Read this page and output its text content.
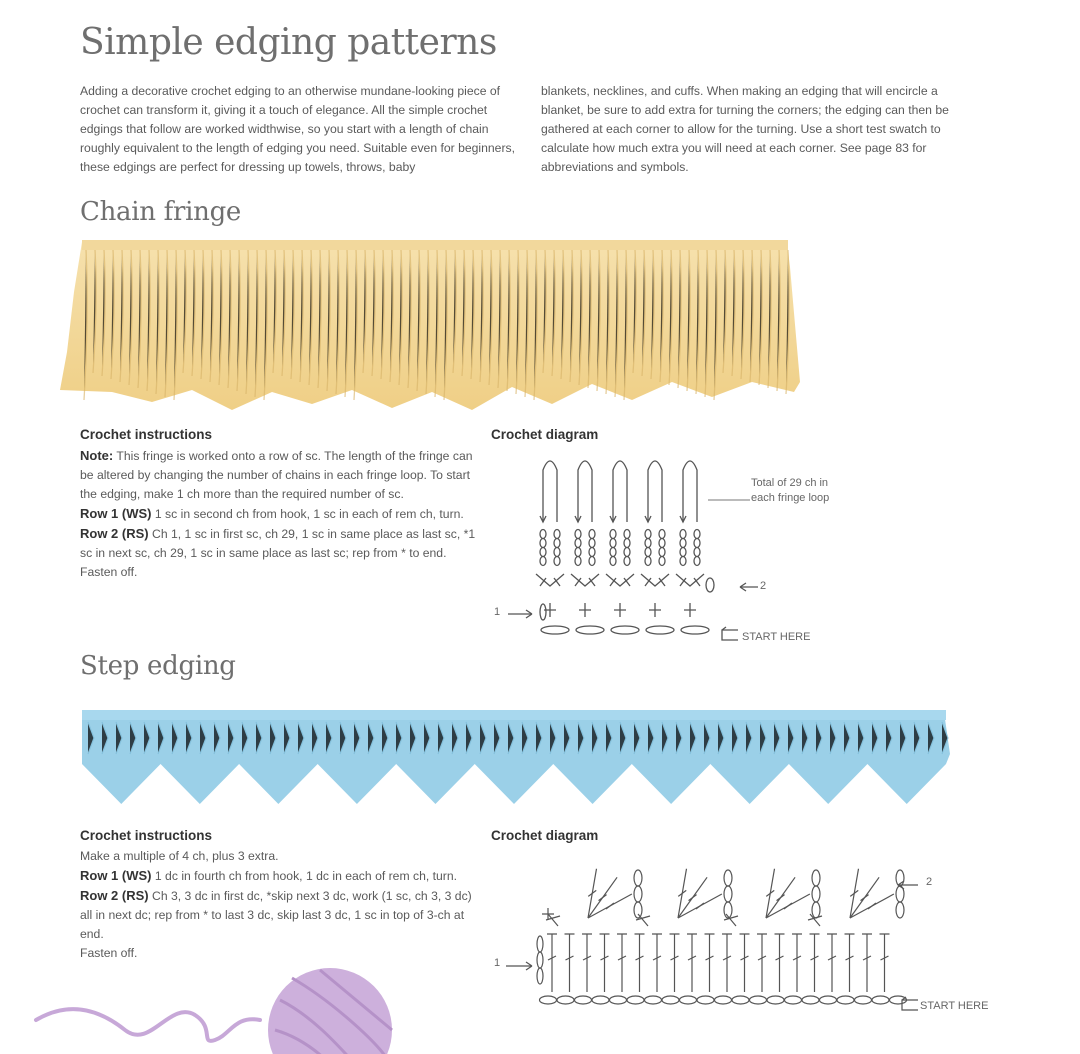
Simple edging patterns
Adding a decorative crochet edging to an otherwise mundane-looking piece of crochet can transform it, giving it a touch of elegance. All the simple crochet edgings that follow are worked widthwise, so you start with a length of chain roughly equivalent to the length of edging you need. Suitable even for beginners, these edgings are perfect for dressing up towels, throws, baby
blankets, necklines, and cuffs. When making an edging that will encircle a blanket, be sure to add extra for turning the corners; the edging can then be gathered at each corner to allow for the turning. Use a short test swatch to calculate how much extra you will need at each corner. See page 83 for abbreviations and symbols.
Chain fringe
Crochet instructions

Note: This fringe is worked onto a row of sc. The length of the fringe can be altered by changing the number of chains in each fringe loop. To start the edging, make 1 ch more than the required number of sc.

Row 1 (WS) 1 sc in second ch from hook, 1 sc in each of rem ch, turn.

Row 2 (RS) Ch 1, 1 sc in first sc, ch 29, 1 sc in same place as last sc, *1 sc in next sc, ch 29, 1 sc in same place as last sc; rep from * to end.

Fasten off.

Crochet diagram
Total of 29 ch in
each fringe loop
1
2
START HERE
Step edging
Crochet instructions

Make a multiple of 4 ch, plus 3 extra.

Row 1 (WS) 1 dc in fourth ch from hook, 1 dc in each of rem ch, turn.

Row 2 (RS) Ch 3, 3 dc in first dc, *skip next 3 dc, work (1 sc, ch 3, 3 dc) all in next dc; rep from * to last 3 dc, skip last 3 dc, 1 sc in top of 3-ch at end.

Fasten off.

Crochet diagram
1
2
START HERE
